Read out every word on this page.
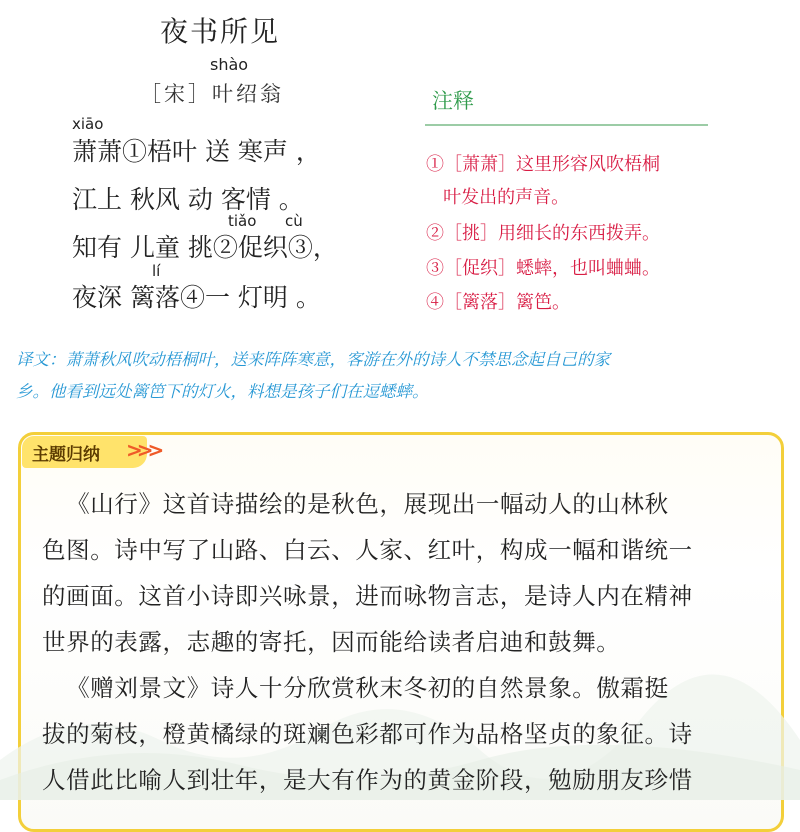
夜书所见
shào
［宋］叶绍翁
xiāo
萧萧①梧叶 送 寒声 ，
江上 秋风 动 客情 。
tiǎo      cù
知有 儿童 挑②促织③，
lí
夜深 篱落④一 灯明 。
注释
①［萧萧］这里形容风吹梧桐
叶发出的声音。
②［挑］用细长的东西拨弄。
③［促织］蟋蟀，也叫蛐蛐。
④［篱落］篱笆。
译文：萧萧秋风吹动梧桐叶，送来阵阵寒意，客游在外的诗人不禁思念起自己的家
乡。他看到远处篱笆下的灯火，料想是孩子们在逗蟋蟀。
主题归纳 >>>
《山行》这首诗描绘的是秋色，展现出一幅动人的山林秋
色图。诗中写了山路、白云、人家、红叶，构成一幅和谐统一
的画面。这首小诗即兴咏景，进而咏物言志，是诗人内在精神
世界的表露，志趣的寄托，因而能给读者启迪和鼓舞。
《赠刘景文》诗人十分欣赏秋末冬初的自然景象。傲霜挺
拔的菊枝，橙黄橘绿的斑斓色彩都可作为品格坚贞的象征。诗
人借此比喻人到壮年，是大有作为的黄金阶段，勉励朋友珍惜
